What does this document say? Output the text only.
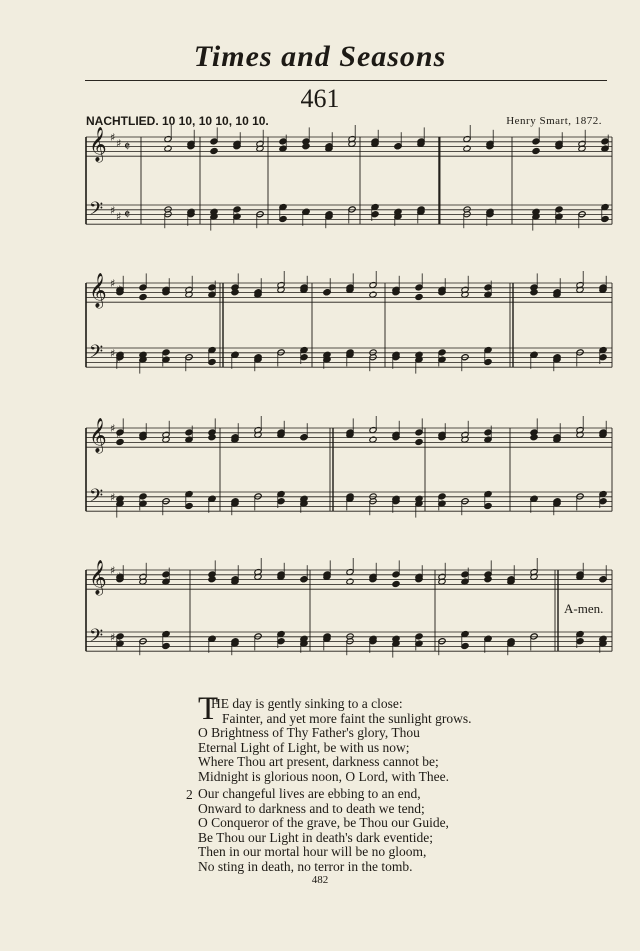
Times and Seasons
461
NACHTLIED. 10 10, 10 10, 10 10.	Henry Smart, 1872.
𝄞
𝄢
♯
♯
♯
♯
𝄵
𝄵
𝄞
𝄢
♯
♯
𝄞
𝄢
♯
♯
𝄞
𝄢
♯
♯
A-men.
T
HE day is gently sinking to a close:
Fainter, and yet more faint the sunlight grows.
O Brightness of Thy Father's glory, Thou
Eternal Light of Light, be with us now;
Where Thou art present, darkness cannot be;
Midnight is glorious noon, O Lord, with Thee.
2 Our changeful lives are ebbing to an end,
Onward to darkness and to death we tend;
O Conqueror of the grave, be Thou our Guide,
Be Thou our Light in death's dark eventide;
Then in our mortal hour will be no gloom,
No sting in death, no terror in the tomb.
482
